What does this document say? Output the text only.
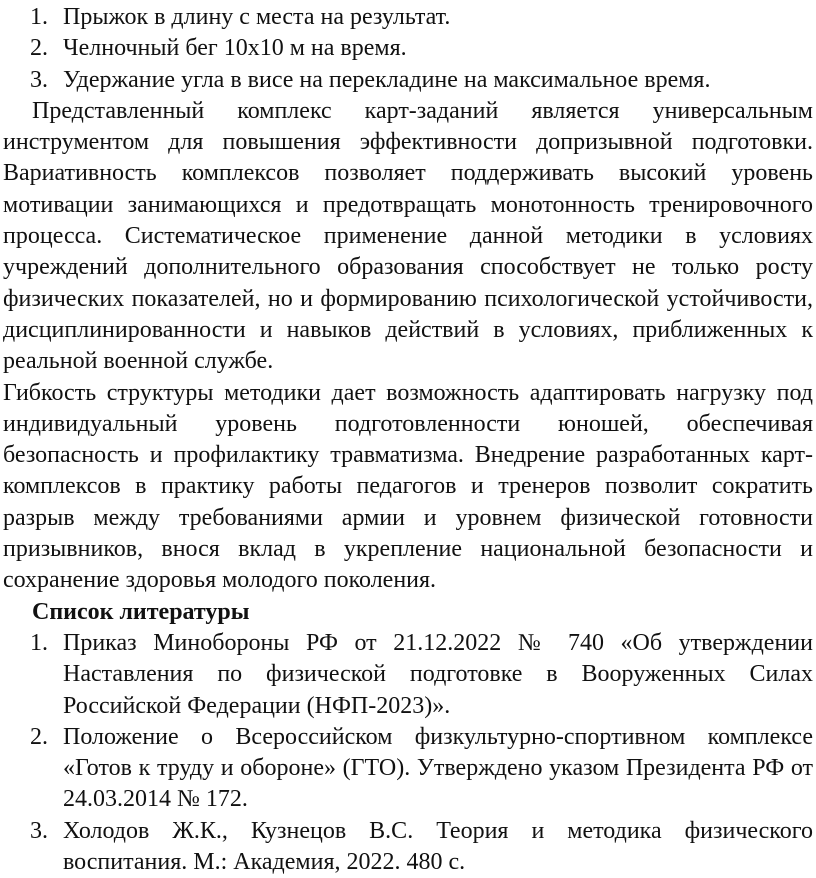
1. Прыжок в длину с места на результат.
2. Челночный бег 10х10 м на время.
3. Удержание угла в висе на перекладине на максимальное время.

Представленный комплекс карт-заданий является универсальным инструментом для повышения эффективности допризывной подготовки. Вариативность комплексов позволяет поддерживать высокий уровень мотивации занимающихся и предотвращать монотонность тренировочного процесса. Систематическое применение данной методики в условиях учреждений дополнительного образования способствует не только росту физических показателей, но и формированию психологической устойчивости, дисциплинированности и навыков действий в условиях, приближенных к реальной военной службе.

Гибкость структуры методики дает возможность адаптировать нагрузку под индивидуальный уровень подготовленности юношей, обеспечивая безопасность и профилактику травматизма. Внедрение разработанных карт-комплексов в практику работы педагогов и тренеров позволит сократить разрыв между требованиями армии и уровнем физической готовности призывников, внося вклад в укрепление национальной безопасности и сохранение здоровья молодого поколения.

Список литературы
1. Приказ Минобороны РФ от 21.12.2022 № 740 «Об утверждении Наставления по физической подготовке в Вооруженных Силах Российской Федерации (НФП-2023)».
2. Положение о Всероссийском физкультурно-спортивном комплексе «Готов к труду и обороне» (ГТО). Утверждено указом Президента РФ от 24.03.2014 № 172.
3. Холодов Ж.К., Кузнецов В.С. Теория и методика физического воспитания. М.: Академия, 2022. 480 с.
